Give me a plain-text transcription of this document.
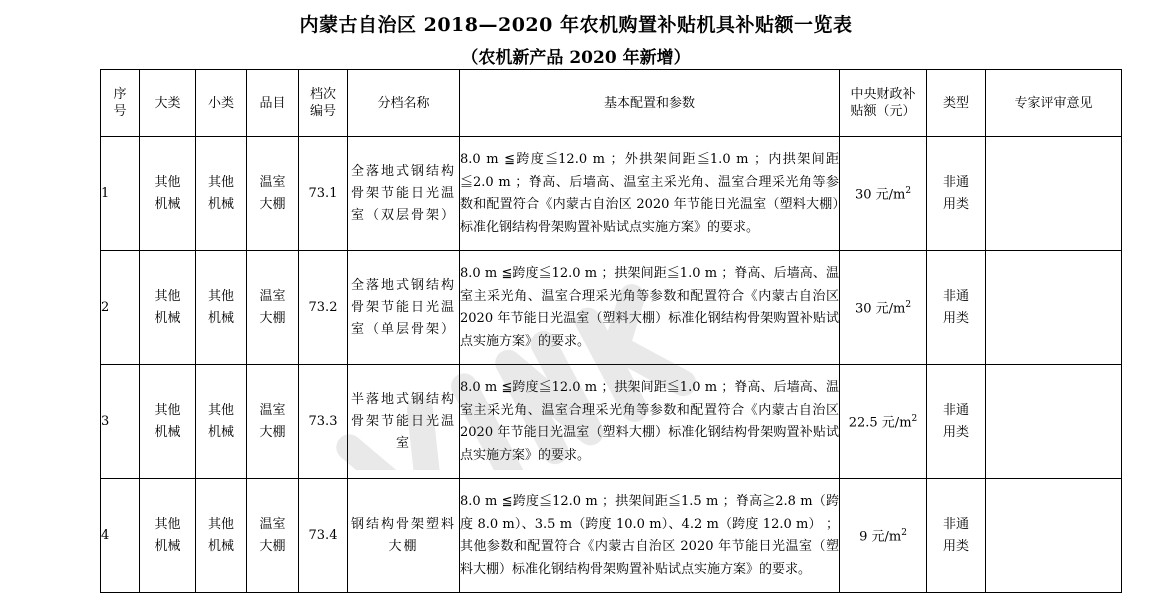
内蒙古自治区 2018—2020 年农机购置补贴机具补贴额一览表
（农机新产品 2020 年新增）
序号	大类	小类	品目	档次编号	分档名称	基本配置和参数	中央财政补贴额（元）	类型	专家评审意见
1	其他机械	其他机械	温室大棚	73.1	全落地式钢结构骨架节能日光温室（双层骨架）	8.0 m ≦跨度≦12.0 m ；外拱架间距≦1.0 m ；内拱架间距≦2.0 m ；脊高、后墙高、温室主采光角、温室合理采光角等参数和配置符合《内蒙古自治区 2020 年节能日光温室（塑料大棚）标准化钢结构骨架购置补贴试点实施方案》的要求。	30 元$/m^2$	非通用类	
2	其他机械	其他机械	温室大棚	73.2	全落地式钢结构骨架节能日光温室（单层骨架）	8.0 m ≦跨度≦12.0 m ；拱架间距≦1.0 m ；脊高、后墙高、温室主采光角、温室合理采光角等参数和配置符合《内蒙古自治区 2020 年节能日光温室（塑料大棚）标准化钢结构骨架购置补贴试点实施方案》的要求。	30 元$/m^2$	非通用类	
3	其他机械	其他机械	温室大棚	73.3	半落地式钢结构骨架节能日光温室	8.0 m ≦跨度≦12.0 m ；拱架间距≦1.0 m ；脊高、后墙高、温室主采光角、温室合理采光角等参数和配置符合《内蒙古自治区 2020 年节能日光温室（塑料大棚）标准化钢结构骨架购置补贴试点实施方案》的要求。	22.5 元$/m^2$	非通用类	
4	其他机械	其他机械	温室大棚	73.4	钢结构骨架塑料大棚	8.0 m ≦跨度≦12.0 m ；拱架间距≦1.5 m ；脊高≧2.8 m（跨度 8.0 m）、3.5 m（跨度 10.0 m）、4.2 m（跨度 12.0 m） ；其他参数和配置符合《内蒙古自治区 2020 年节能日光温室（塑料大棚）标准化钢结构骨架购置补贴试点实施方案》的要求。	9 元$/m^2$	非通用类	
